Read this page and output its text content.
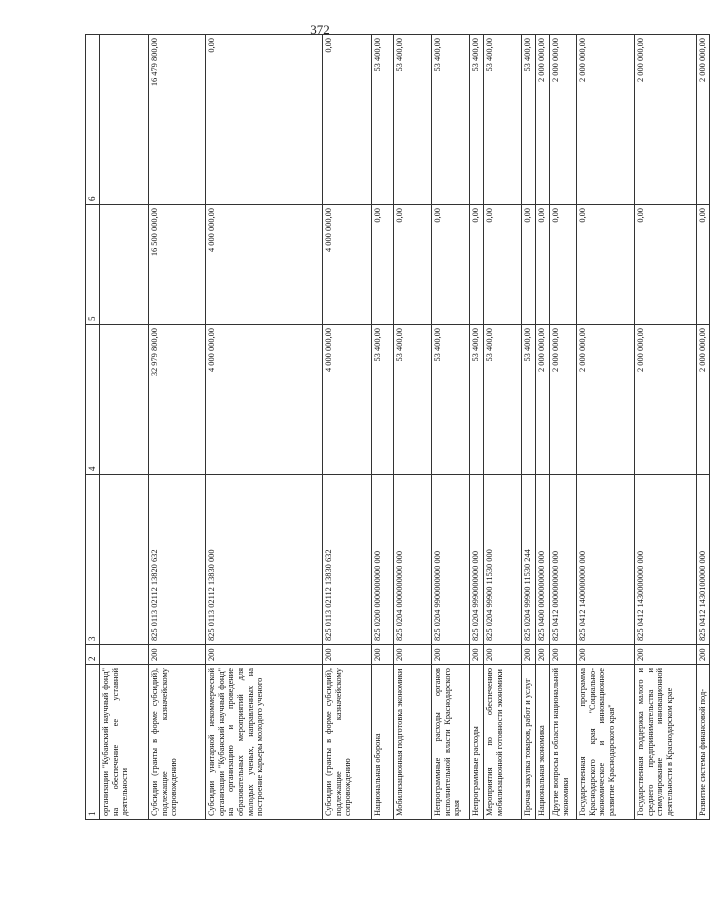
372
1	2	3	4	5	6
организации "Кубанский научный фонд" на обеспечение ее уставной деятельности					
Субсидии (гранты в форме субсидий), подлежащие казначейскому сопровождению	200	825 0113 02112 13820 632	32 979 800,00	16 500 000,00	16 479 800,00
Субсидии унитарной некоммерческой организации "Кубанский научный фонд" на организацию и проведение образовательных мероприятий для молодых ученых, направленных на построение карьеры молодого ученого	200	825 0113 02112 13830 000	4 000 000,00	4 000 000,00	0,00
Субсидии (гранты в форме субсидий), подлежащие казначейскому сопровождению	200	825 0113 02112 13830 632	4 000 000,00	4 000 000,00	0,00
Национальная оборона	200	825 0200 0000000000 000	53 400,00	0,00	53 400,00
Мобилизационная подготовка экономики	200	825 0204 0000000000 000	53 400,00	0,00	53 400,00
Непрограммные расходы органов исполнительной власти Краснодарского края	200	825 0204 9900000000 000	53 400,00	0,00	53 400,00
Непрограммные расходы	200	825 0204 9990000000 000	53 400,00	0,00	53 400,00
Мероприятия по обеспечению мобилизационной готовности экономики	200	825 0204 99900 11530 000	53 400,00	0,00	53 400,00
Прочая закупка товаров, работ и услуг	200	825 0204 99900 11530 244	53 400,00	0,00	53 400,00
Национальная экономика	200	825 0400 0000000000 000	2 000 000,00	0,00	2 000 000,00
Другие вопросы в области национальной экономики	200	825 0412 0000000000 000	2 000 000,00	0,00	2 000 000,00
Государственная программа Краснодарского края "Социально-экономическое и инновационное развитие Краснодарского края"	200	825 0412 1400000000 000	2 000 000,00	0,00	2 000 000,00
Государственная поддержка малого и среднего предпринимательства и стимулирование инновационной деятельности в Краснодарском крае	200	825 0412 1430000000 000	2 000 000,00	0,00	2 000 000,00
Развитие системы финансовой под-	200	825 0412 1430100000 000	2 000 000,00	0,00	2 000 000,00
